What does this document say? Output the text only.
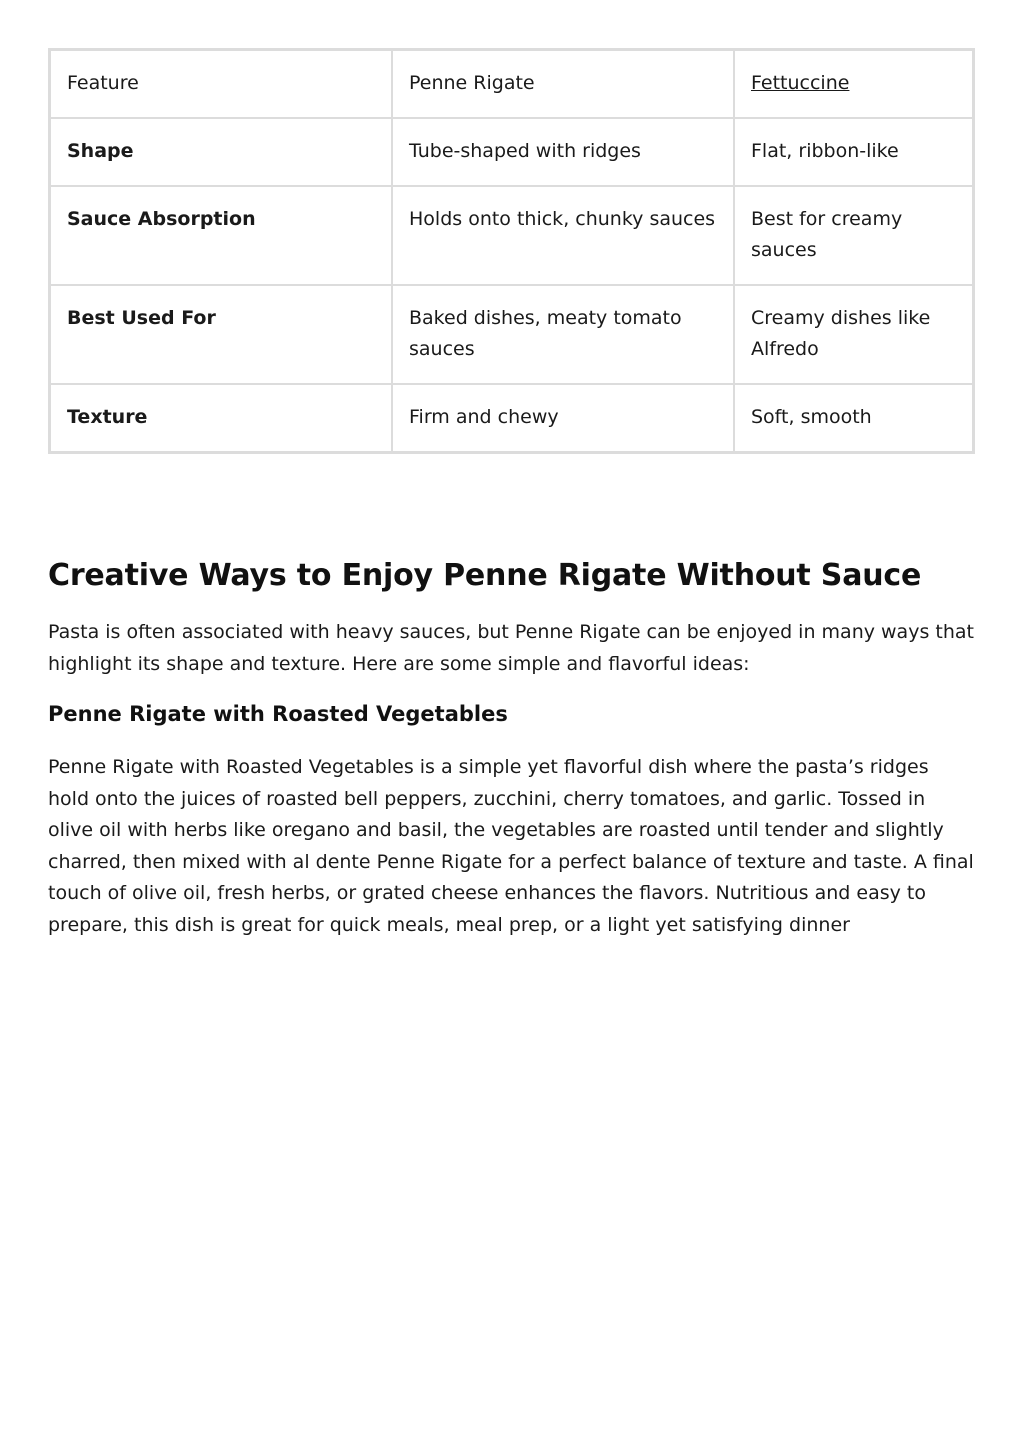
Feature	Penne Rigate	Fettuccine
Shape	Tube-shaped with ridges	Flat, ribbon-like
Sauce Absorption	Holds onto thick, chunky sauces	Best for creamy sauces
Best Used For	Baked dishes, meaty tomato sauces	Creamy dishes like Alfredo
Texture	Firm and chewy	Soft, smooth
Creative Ways to Enjoy Penne Rigate Without Sauce

Pasta is often associated with heavy sauces, but Penne Rigate can be enjoyed in many ways that highlight its shape and texture. Here are some simple and flavorful ideas:

Penne Rigate with Roasted Vegetables

Penne Rigate with Roasted Vegetables is a simple yet flavorful dish where the pasta’s ridges hold onto the juices of roasted bell peppers, zucchini, cherry tomatoes, and garlic. Tossed in olive oil with herbs like oregano and basil, the vegetables are roasted until tender and slightly charred, then mixed with al dente Penne Rigate for a perfect balance of texture and taste. A final touch of olive oil, fresh herbs, or grated cheese enhances the flavors. Nutritious and easy to prepare, this dish is great for quick meals, meal prep, or a light yet satisfying dinner
